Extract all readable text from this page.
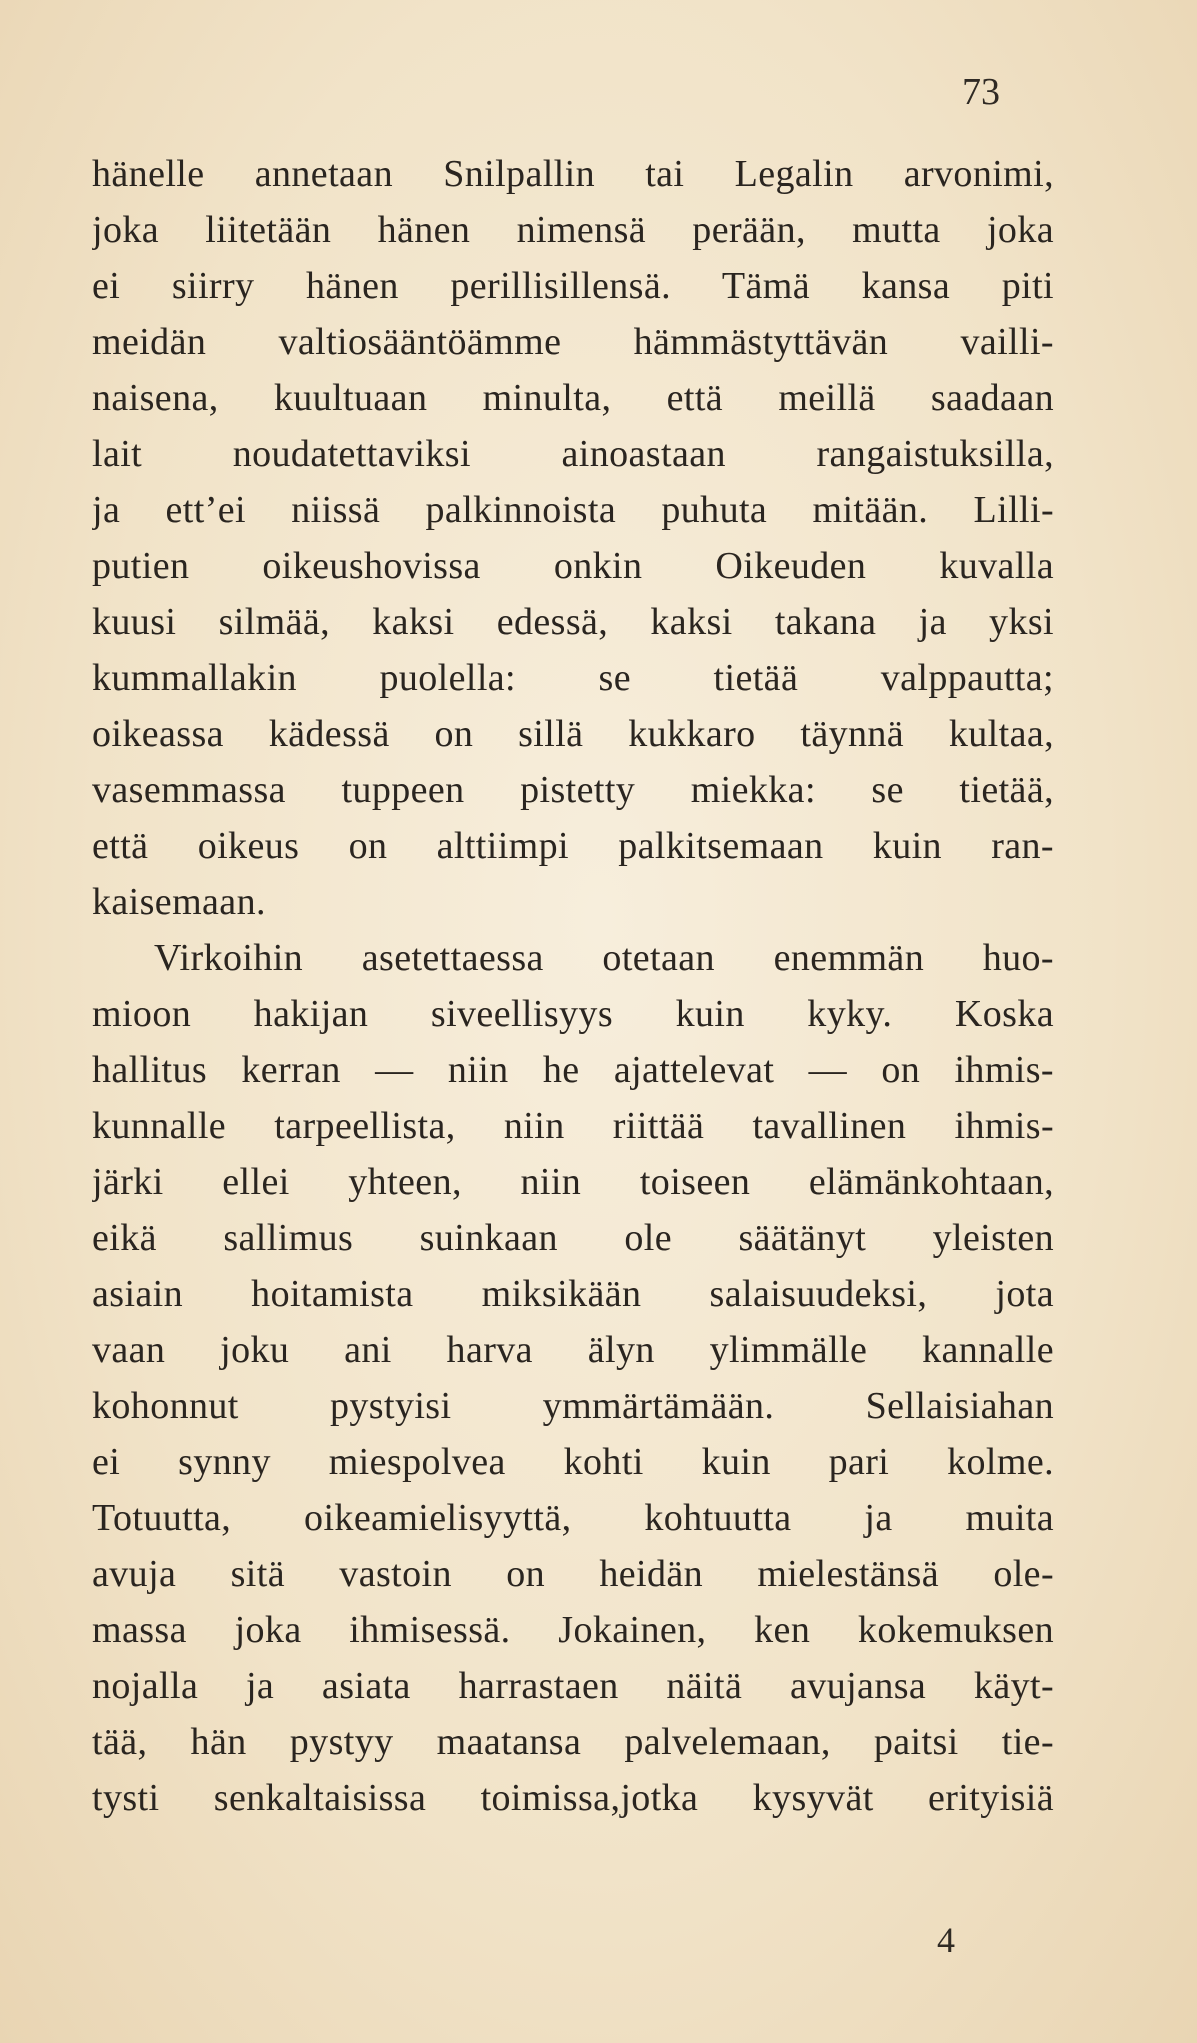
73
hänelle annetaan Snilpallin tai Legalin arvonimi,
joka liitetään hänen nimensä perään, mutta joka
ei siirry hänen perillisillensä. Tämä kansa piti
meidän valtiosääntöämme hämmästyttävän vailli-
naisena, kuultuaan minulta, että meillä saadaan
lait noudatettaviksi ainoastaan rangaistuksilla,
ja ett’ei niissä palkinnoista puhuta mitään. Lilli-
putien oikeushovissa onkin Oikeuden kuvalla
kuusi silmää, kaksi edessä, kaksi takana ja yksi
kummallakin puolella: se tietää valppautta;
oikeassa kädessä on sillä kukkaro täynnä kultaa,
vasemmassa tuppeen pistetty miekka: se tietää,
että oikeus on alttiimpi palkitsemaan kuin ran-
kaisemaan.
Virkoihin asetettaessa otetaan enemmän huo-
mioon hakijan siveellisyys kuin kyky. Koska
hallitus kerran — niin he ajattelevat — on ihmis-
kunnalle tarpeellista, niin riittää tavallinen ihmis-
järki ellei yhteen, niin toiseen elämänkohtaan,
eikä sallimus suinkaan ole säätänyt yleisten
asiain hoitamista miksikään salaisuudeksi, jota
vaan joku ani harva älyn ylimmälle kannalle
kohonnut pystyisi ymmärtämään. Sellaisiahan
ei synny miespolvea kohti kuin pari kolme.
Totuutta, oikeamielisyyttä, kohtuutta ja muita
avuja sitä vastoin on heidän mielestänsä ole-
massa joka ihmisessä. Jokainen, ken kokemuksen
nojalla ja asiata harrastaen näitä avujansa käyt-
tää, hän pystyy maatansa palvelemaan, paitsi tie-
tysti senkaltaisissa toimissa,jotka kysyvät erityisiä
4
